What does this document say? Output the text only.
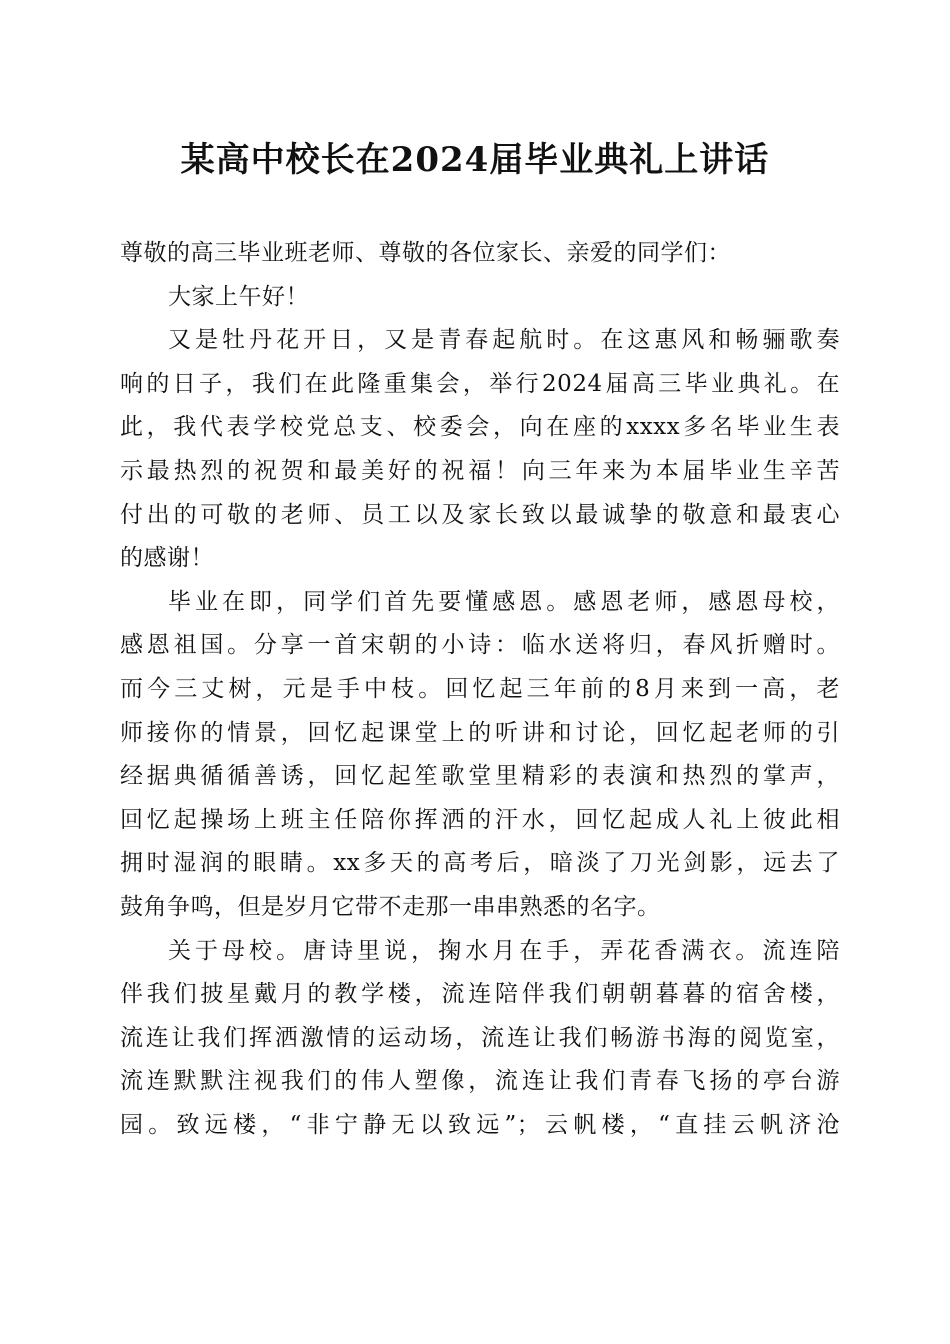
某高中校长在2024届毕业典礼上讲话
尊敬的高三毕业班老师、尊敬的各位家长、亲爱的同学们：
大家上午好！
又是牡丹花开日，又是青春起航时。在这惠风和畅骊歌奏
响的日子，我们在此隆重集会，举行2024届高三毕业典礼。在
此，我代表学校党总支、校委会，向在座的xxxx多名毕业生表
示最热烈的祝贺和最美好的祝福！向三年来为本届毕业生辛苦
付出的可敬的老师、员工以及家长致以最诚挚的敬意和最衷心
的感谢！
毕业在即，同学们首先要懂感恩。感恩老师，感恩母校，
感恩祖国。分享一首宋朝的小诗：临水送将归，春风折赠时。
而今三丈树，元是手中枝。回忆起三年前的8月来到一高，老
师接你的情景，回忆起课堂上的听讲和讨论，回忆起老师的引
经据典循循善诱，回忆起笙歌堂里精彩的表演和热烈的掌声，
回忆起操场上班主任陪你挥洒的汗水，回忆起成人礼上彼此相
拥时湿润的眼睛。xx多天的高考后，暗淡了刀光剑影，远去了
鼓角争鸣，但是岁月它带不走那一串串熟悉的名字。
关于母校。唐诗里说，掬水月在手，弄花香满衣。流连陪
伴我们披星戴月的教学楼，流连陪伴我们朝朝暮暮的宿舍楼，
流连让我们挥洒激情的运动场，流连让我们畅游书海的阅览室，
流连默默注视我们的伟人塑像，流连让我们青春飞扬的亭台游
园。致远楼，“非宁静无以致远”；云帆楼，“直挂云帆济沧
